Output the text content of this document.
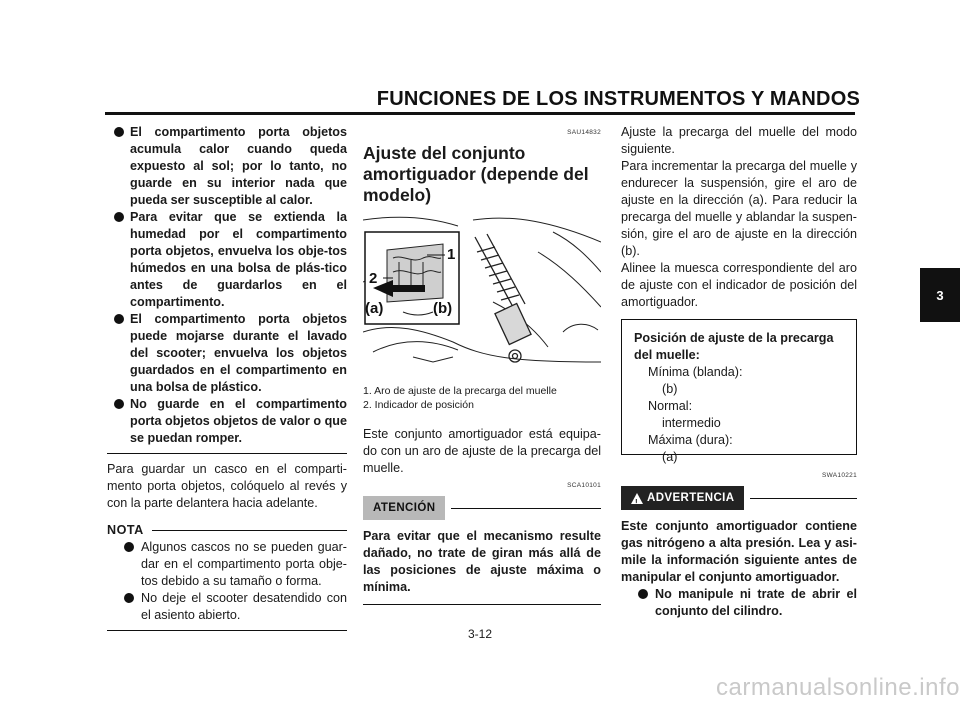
FUNCIONES DE LOS INSTRUMENTOS Y MANDOS
3
El compartimento porta objetos acumula calor cuando queda expuesto al sol; por lo tanto, no guarde en su interior nada que pueda ser susceptible al calor.
Para evitar que se extienda la humedad por el compartimento porta objetos, envuelva los obje-tos húmedos en una bolsa de plás-tico antes de guardarlos en el compartimento.
El compartimento porta objetos puede mojarse durante el lavado del scooter; envuelva los objetos guardados en el compartimento en una bolsa de plástico.
No guarde en el compartimento porta objetos objetos de valor o que se puedan romper.

Para guardar un casco en el comparti-mento porta objetos, colóquelo al revés y con la parte delantera hacia adelante.

NOTA
Algunos cascos no se pueden guar-dar en el compartimento porta obje-tos debido a su tamaño o forma.
No deje el scooter desatendido con el asiento abierto.
SAU14832
Ajuste del conjunto amortiguador (depende del modelo)
1
2
(a)	(b)
1. Aro de ajuste de la precarga del muelle
2. Indicador de posición

Este conjunto amortiguador está equipa-do con un aro de ajuste de la precarga del muelle.

SCA10101
ATENCIÓN

Para evitar que el mecanismo resulte dañado, no trate de giran más allá de las posiciones de ajuste máxima o mínima.

Ajuste la precarga del muelle del modo siguiente.

Para incrementar la precarga del muelle y endurecer la suspensión, gire el aro de ajuste en la dirección (a). Para reducir la precarga del muelle y ablandar la suspen-sión, gire el aro de ajuste en la dirección (b).

Alinee la muesca correspondiente del aro de ajuste con el indicador de posición del amortiguador.

Posición de ajuste de la precarga del muelle:
Mínima (blanda):
(b)
Normal:
intermedio
Máxima (dura):
(a)
SWA10221
!
ADVERTENCIA

Este conjunto amortiguador contiene gas nitrógeno a alta presión. Lea y asi-mile la información siguiente antes de manipular el conjunto amortiguador.

No manipule ni trate de abrir el conjunto del cilindro.
3-12
carmanualsonline.info
